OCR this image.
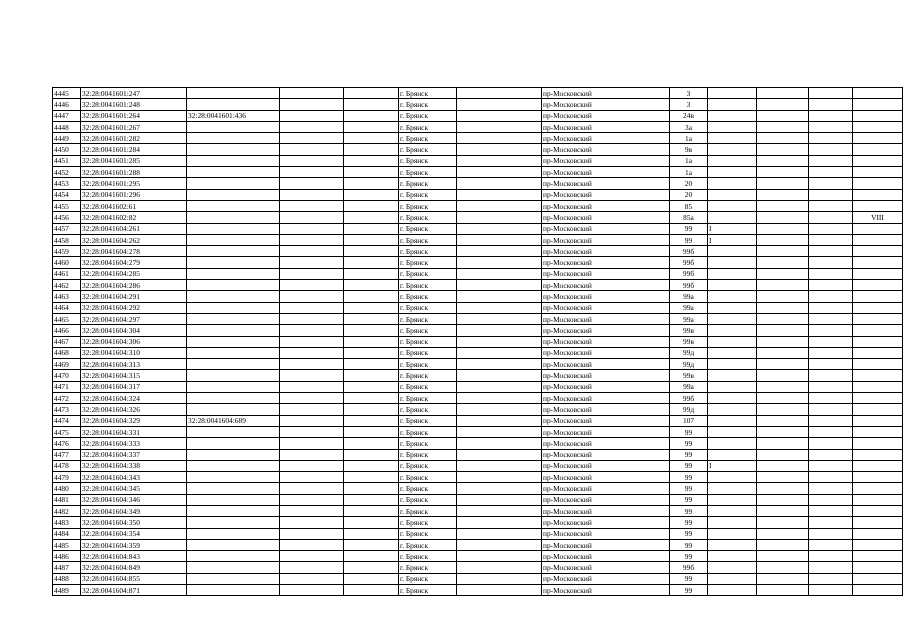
4445	32:28:0041601:247				г. Брянск		пр-Московский	3				
4446	32:28:0041601:248				г. Брянск		пр-Московский	3				
4447	32:28:0041601:264	32:28:0041601:436			г. Брянск		пр-Московский	24в				
4448	32:28:0041601:267				г. Брянск		пр-Московский	3а				
4449	32:28:0041601:282				г. Брянск		пр-Московский	1а				
4450	32:28:0041601:284				г. Брянск		пр-Московский	9в				
4451	32:28:0041601:285				г. Брянск		пр-Московский	1а				
4452	32:28:0041601:288				г. Брянск		пр-Московский	1а				
4453	32:28:0041601:295				г. Брянск		пр-Московский	20				
4454	32:28:0041601:296				г. Брянск		пр-Московский	20				
4455	32:28:0041602:61				г. Брянск		пр-Московский	85				
4456	32:28:0041602:82				г. Брянск		пр-Московский	85а				VIII
4457	32:28:0041604:261				г. Брянск		пр-Московский	99	I			
4458	32:28:0041604:262				г. Брянск		пр-Московский	99	I			
4459	32:28:0041604:278				г. Брянск		пр-Московский	99б				
4460	32:28:0041604:279				г. Брянск		пр-Московский	99б				
4461	32:28:0041604:285				г. Брянск		пр-Московский	99б				
4462	32:28:0041604:286				г. Брянск		пр-Московский	99б				
4463	32:28:0041604:291				г. Брянск		пр-Московский	99а				
4464	32:28:0041604:292				г. Брянск		пр-Московский	99а				
4465	32:28:0041604:297				г. Брянск		пр-Московский	99а				
4466	32:28:0041604:304				г. Брянск		пр-Московский	99в				
4467	32:28:0041604:306				г. Брянск		пр-Московский	99в				
4468	32:28:0041604:310				г. Брянск		пр-Московский	99д				
4469	32:28:0041604:313				г. Брянск		пр-Московский	99д				
4470	32:28:0041604:315				г. Брянск		пр-Московский	99в				
4471	32:28:0041604:317				г. Брянск		пр-Московский	99а				
4472	32:28:0041604:324				г. Брянск		пр-Московский	99б				
4473	32:28:0041604:326				г. Брянск		пр-Московский	99д				
4474	32:28:0041604:329	32:28:0041604:689			г. Брянск		пр-Московский	107				
4475	32:28:0041604:331				г. Брянск		пр-Московский	99				
4476	32:28:0041604:333				г. Брянск		пр-Московский	99				
4477	32:28:0041604:337				г. Брянск		пр-Московский	99				
4478	32:28:0041604:338				г. Брянск		пр-Московский	99	I			
4479	32:28:0041604:343				г. Брянск		пр-Московский	99				
4480	32:28:0041604:345				г. Брянск		пр-Московский	99				
4481	32:28:0041604:346				г. Брянск		пр-Московский	99				
4482	32:28:0041604:349				г. Брянск		пр-Московский	99				
4483	32:28:0041604:350				г. Брянск		пр-Московский	99				
4484	32:28:0041604:354				г. Брянск		пр-Московский	99				
4485	32:28:0041604:359				г. Брянск		пр-Московский	99				
4486	32:28:0041604:843				г. Брянск		пр-Московский	99				
4487	32:28:0041604:849				г. Брянск		пр-Московский	99б				
4488	32:28:0041604:855				г. Брянск		пр-Московский	99				
4489	32:28:0041604:871				г. Брянск		пр-Московский	99				
